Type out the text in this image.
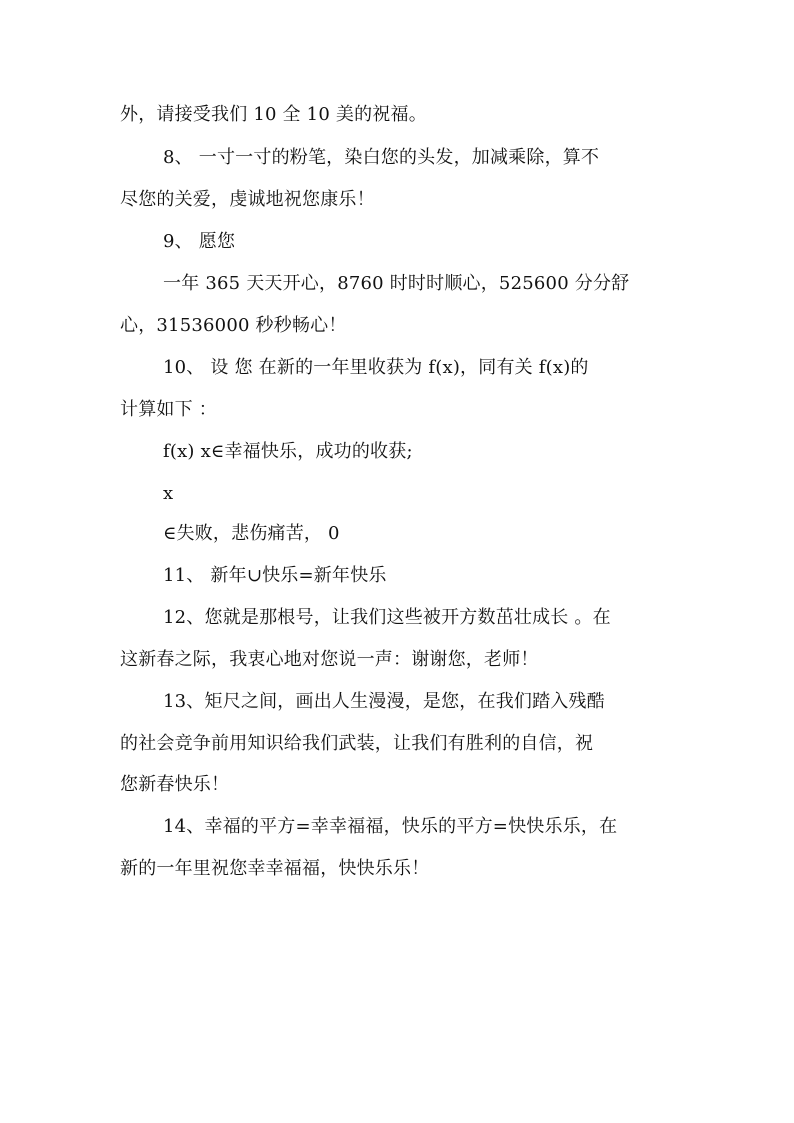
外，请接受我们 10 全 10 美的祝福。
8、 一寸一寸的粉笔，染白您的头发，加减乘除，算不
尽您的关爱，虔诚地祝您康乐！
9、 愿您
一年 365 天天开心，8760 时时时顺心，525600 分分舒
心，31536000 秒秒畅心！
10、 设 您 在新的一年里收获为 f(x)，同有关 f(x)的
计算如下 ：
f(x) x∈幸福快乐，成功的收获;
x
∈失败，悲伤痛苦， 0
11、 新年∪快乐=新年快乐
12、您就是那根号，让我们这些被开方数茁壮成长 。在
这新春之际，我衷心地对您说一声：谢谢您，老师！
13、矩尺之间，画出人生漫漫，是您，在我们踏入残酷
的社会竞争前用知识给我们武装，让我们有胜利的自信，祝
您新春快乐！
14、幸福的平方=幸幸福福，快乐的平方=快快乐乐，在
新的一年里祝您幸幸福福，快快乐乐！
